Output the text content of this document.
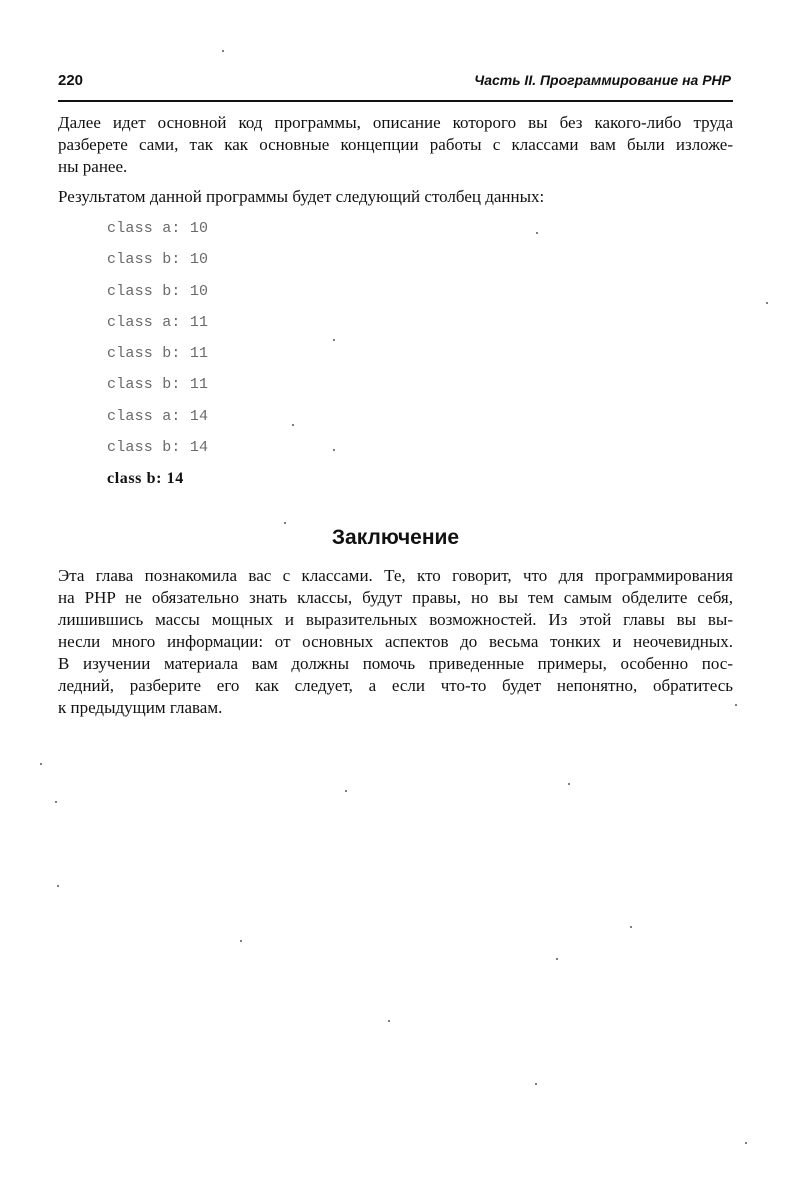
220	Часть II. Программирование на PHP

Далее идет основной код программы, описание которого вы без какого-либо труда
разберете сами, так как основные концепции работы с классами вам были изложе-
ны ранее.

Результатом данной программы будет следующий столбец данных:

class a: 10
class b: 10
class b: 10
class a: 11
class b: 11
class b: 11
class a: 14
class b: 14
class b: 14
Заключение

Эта глава познакомила вас с классами. Те, кто говорит, что для программирования
на PHP не обязательно знать классы, будут правы, но вы тем самым обделите себя,
лишившись массы мощных и выразительных возможностей. Из этой главы вы вы-
несли много информации: от основных аспектов до весьма тонких и неочевидных.
В изучении материала вам должны помочь приведенные примеры, особенно пос-
ледний, разберите его как следует, а если что-то будет непонятно, обратитесь
к предыдущим главам.
